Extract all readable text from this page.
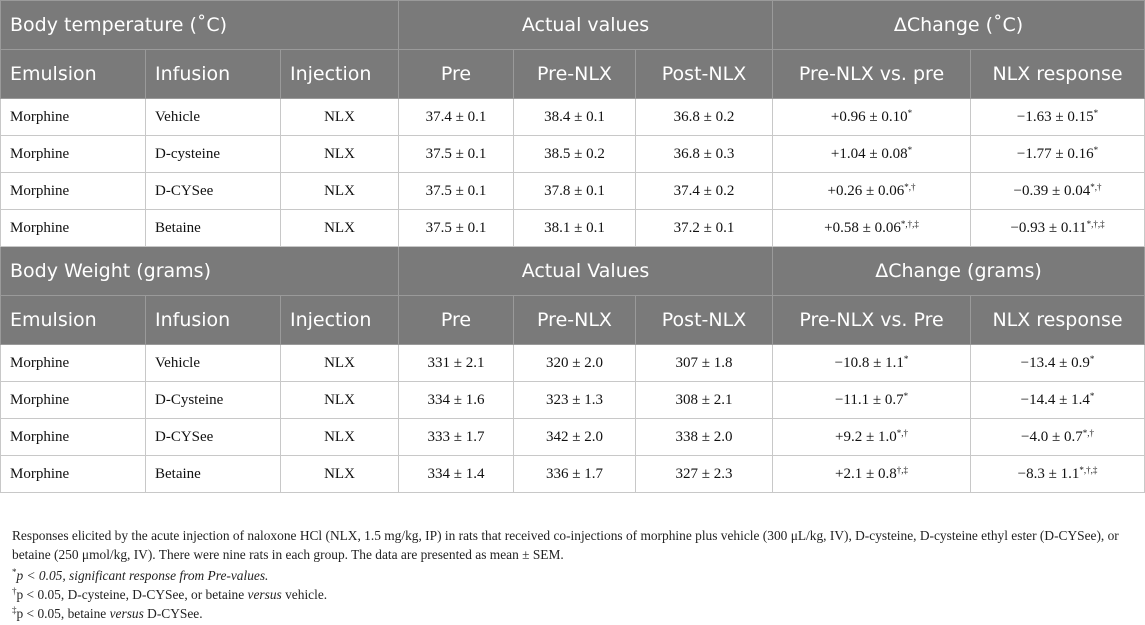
Body temperature (˚C)			Actual values			ΔChange (˚C)	
Emulsion	Infusion	Injection	Pre	Pre-NLX	Post-NLX	Pre-NLX vs. pre	NLX response
Morphine	Vehicle	NLX	37.4 ± 0.1	38.4 ± 0.1	36.8 ± 0.2	+0.96 ± 0.10*	−1.63 ± 0.15*
Morphine	D-cysteine	NLX	37.5 ± 0.1	38.5 ± 0.2	36.8 ± 0.3	+1.04 ± 0.08*	−1.77 ± 0.16*
Morphine	D-CYSee	NLX	37.5 ± 0.1	37.8 ± 0.1	37.4 ± 0.2	+0.26 ± 0.06*,†	−0.39 ± 0.04*,†
Morphine	Betaine	NLX	37.5 ± 0.1	38.1 ± 0.1	37.2 ± 0.1	+0.58 ± 0.06*,†,‡	−0.93 ± 0.11*,†,‡
Body Weight (grams)			Actual Values			ΔChange (grams)	
Emulsion	Infusion	Injection	Pre	Pre-NLX	Post-NLX	Pre-NLX vs. Pre	NLX response
Morphine	Vehicle	NLX	331 ± 2.1	320 ± 2.0	307 ± 1.8	−10.8 ± 1.1*	−13.4 ± 0.9*
Morphine	D-Cysteine	NLX	334 ± 1.6	323 ± 1.3	308 ± 2.1	−11.1 ± 0.7*	−14.4 ± 1.4*
Morphine	D-CYSee	NLX	333 ± 1.7	342 ± 2.0	338 ± 2.0	+9.2 ± 1.0*,†	−4.0 ± 0.7*,†
Morphine	Betaine	NLX	334 ± 1.4	336 ± 1.7	327 ± 2.3	+2.1 ± 0.8†,‡	−8.3 ± 1.1*,†,‡

Responses elicited by the acute injection of naloxone HCl (NLX, 1.5 mg/kg, IP) in rats that received co-injections of morphine plus vehicle (300 μL/kg, IV), D-cysteine, D-cysteine ethyl ester (D-CYSee), or betaine (250 μmol/kg, IV). There were nine rats in each group. The data are presented as mean ± SEM.

*p < 0.05, significant response from Pre-values.

†p < 0.05, D-cysteine, D-CYSee, or betaine versus vehicle.

‡p < 0.05, betaine versus D-CYSee.
